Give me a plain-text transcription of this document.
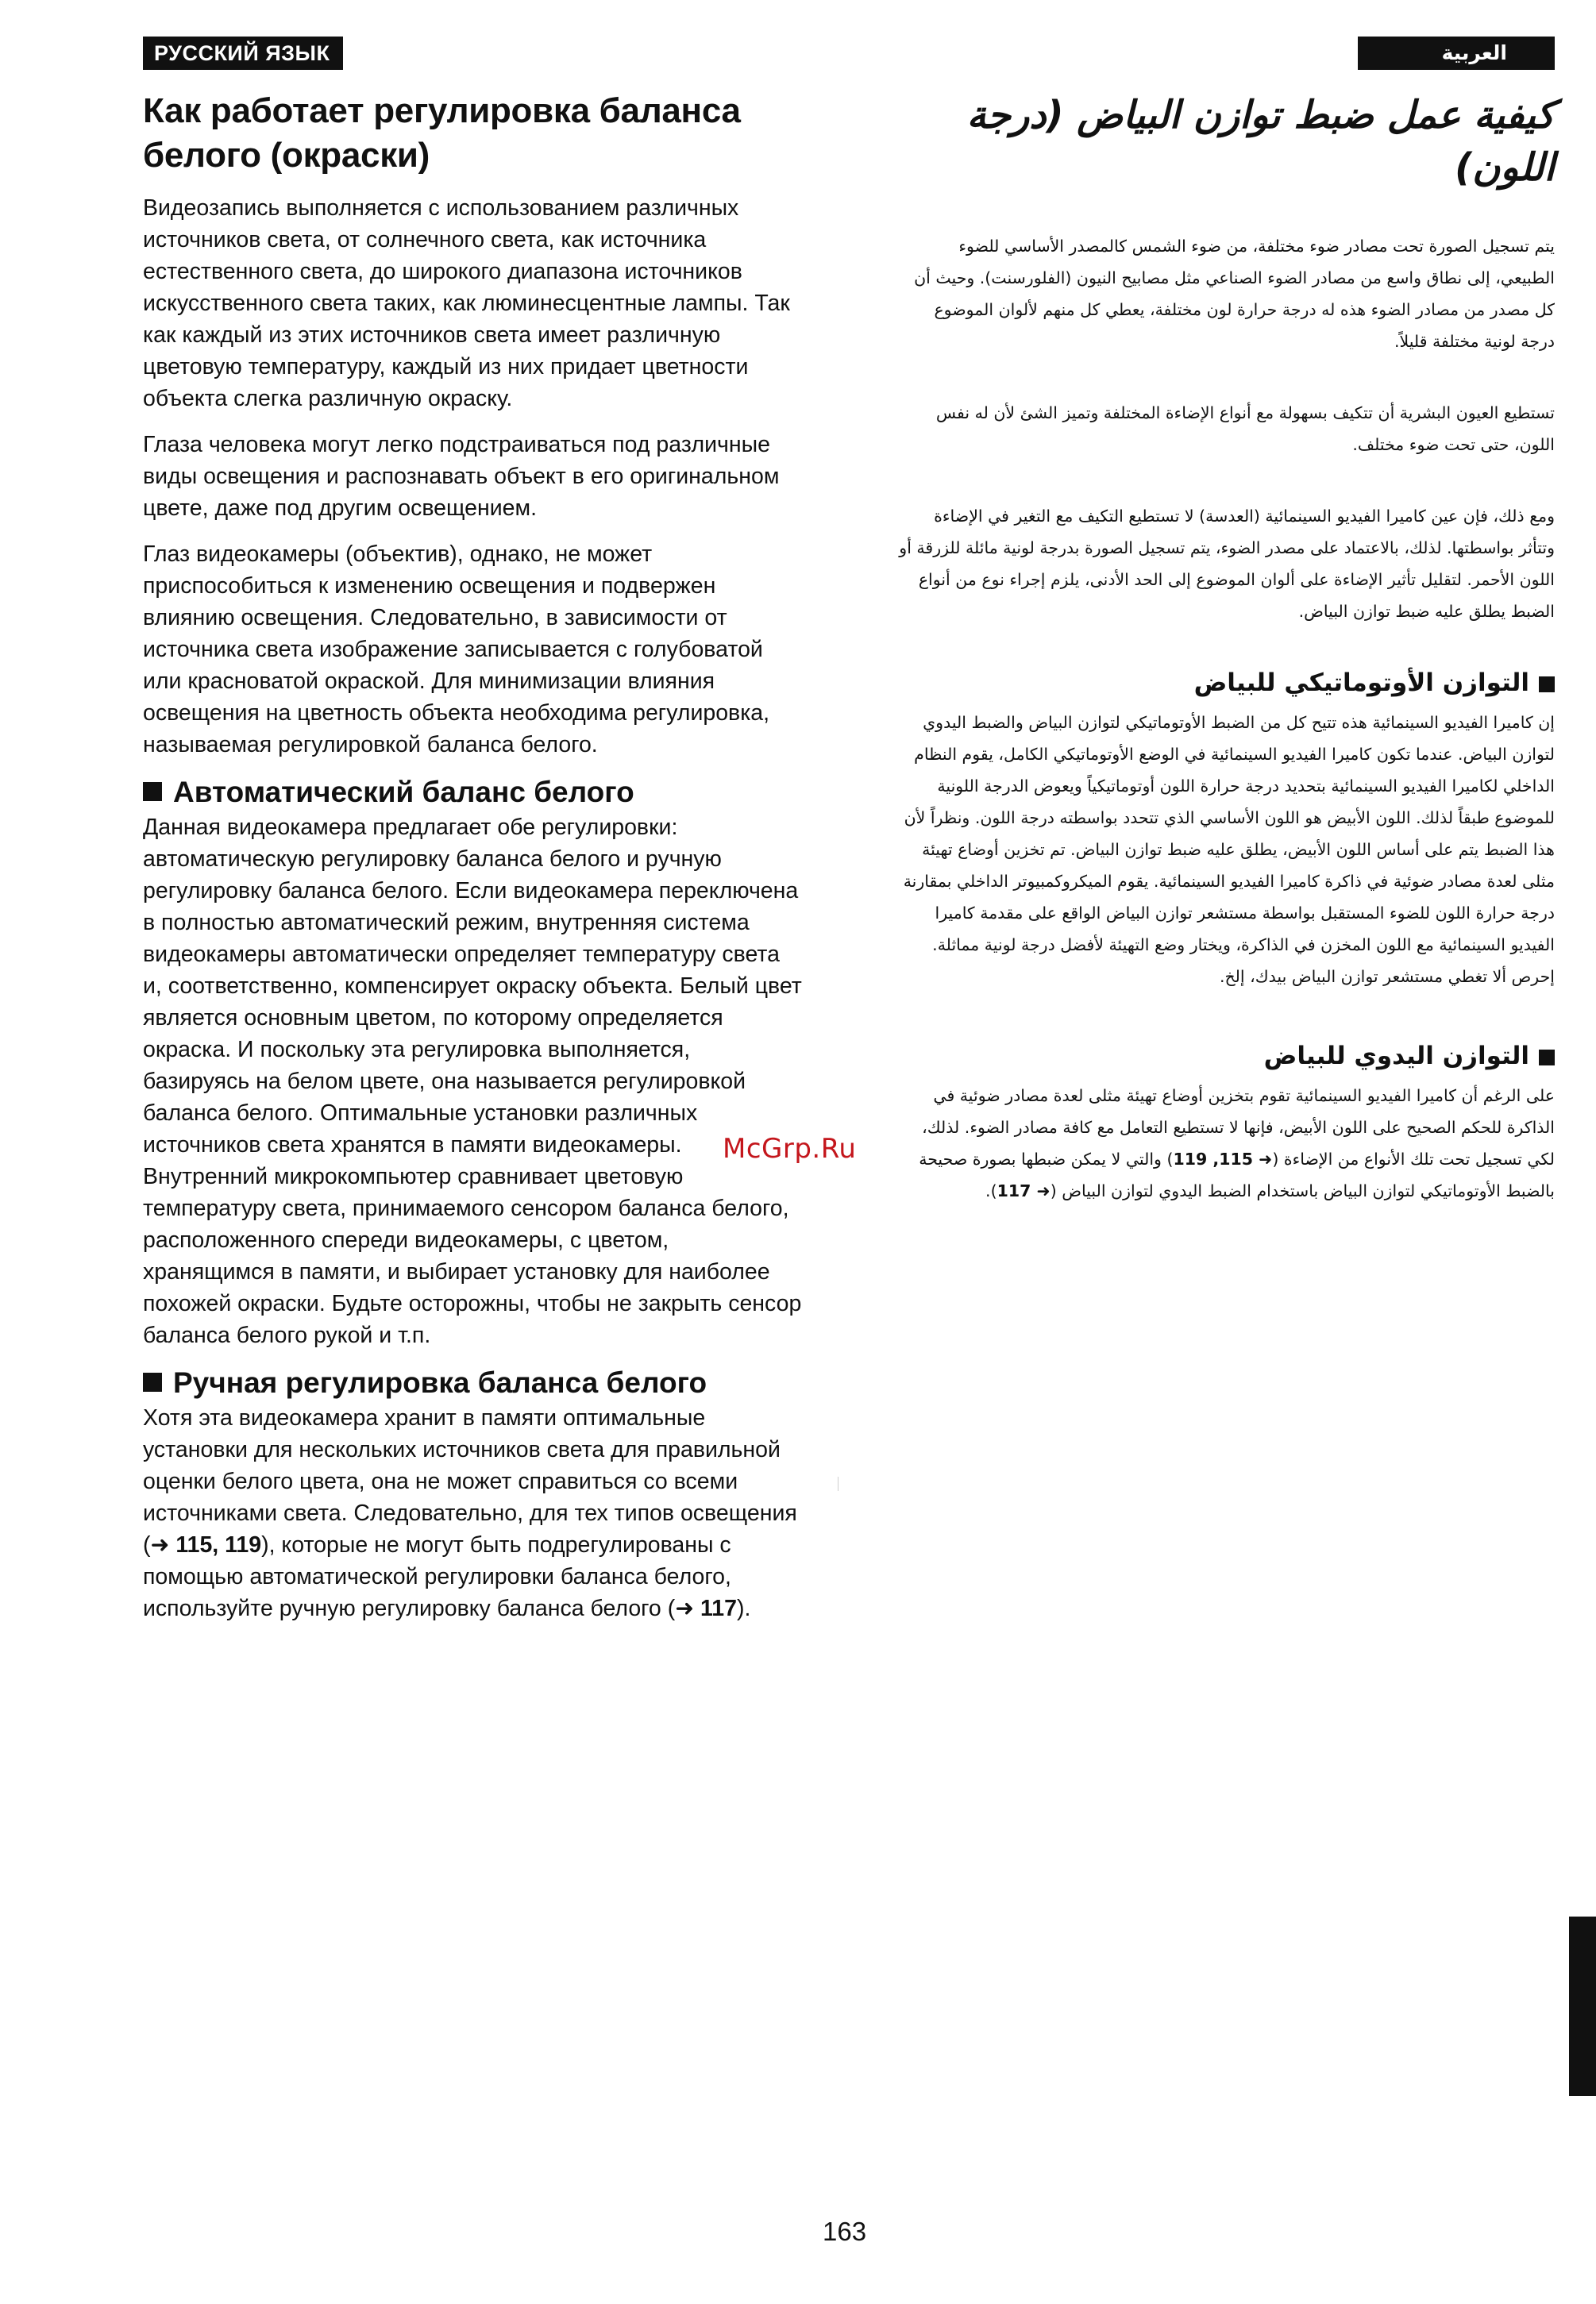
РУССКИЙ ЯЗЫК	العربية
Как работает регулировка баланса белого (окраски)

Видеозапись выполняется с использованием различных источников света, от солнечного света, как источника естественного света, до широкого диапазона источников искусственного света таких, как люминесцентные лампы. Так как каждый из этих источников света имеет различную цветовую температуру, каждый из них придает цветности объекта слегка различную окраску.

Глаза человека могут легко подстраиваться под различные виды освещения и распознавать объект в его оригинальном цвете, даже под другим освещением.

Глаз видеокамеры (объектив), однако, не может приспособиться к изменению освещения и подвержен влиянию освещения. Следовательно, в зависимости от источника света изображение записывается с голубоватой или красноватой окраской. Для минимизации влияния освещения на цветность объекта необходима регулировка, называемая регулировкой баланса белого.

Автоматический баланс белого

Данная видеокамера предлагает обе регулировки: автоматическую регулировку баланса белого и ручную регулировку баланса белого. Если видеокамера переключена в полностью автоматический режим, внутренняя система видеокамеры автоматически определяет температуру света и, соответственно, компенсирует окраску объекта. Белый цвет является основным цветом, по которому определяется окраска. И поскольку эта регулировка выполняется, базируясь на белом цвете, она называется регулировкой баланса белого. Оптимальные установки различных источников света хранятся в памяти видеокамеры. Внутренний микрокомпьютер сравнивает цветовую температуру света, принимаемого сенсором баланса белого, расположенного спереди видеокамеры, с цветом, хранящимся в памяти, и выбирает установку для наиболее похожей окраски. Будьте осторожны, чтобы не закрыть сенсор баланса белого рукой и т.п.

Ручная регулировка баланса белого

Хотя эта видеокамера хранит в памяти оптимальные установки для нескольких источников света для правильной оценки белого цвета, она не может справиться со всеми источниками света. Следовательно, для тех типов освещения (➜ 115, 119), которые не могут быть подрегулированы с помощью автоматической регулировки баланса белого, используйте ручную регулировку баланса белого (➜ 117).

كيفية عمل ضبط توازن البياض (درجة اللون)

يتم تسجيل الصورة تحت مصادر ضوء مختلفة، من ضوء الشمس كالمصدر الأساسي للضوء الطبيعي، إلى نطاق واسع من مصادر الضوء الصناعي مثل مصابيح النيون (الفلورسنت). وحيث أن كل مصدر من مصادر الضوء هذه له درجة حرارة لون مختلفة، يعطي كل منهم لألوان الموضوع درجة لونية مختلفة قليلاً.

تستطيع العيون البشرية أن تتكيف بسهولة مع أنواع الإضاءة المختلفة وتميز الشئ لأن له نفس اللون، حتى تحت ضوء مختلف.

ومع ذلك، فإن عين كاميرا الفيديو السينمائية (العدسة) لا تستطيع التكيف مع التغير في الإضاءة وتتأثر بواسطتها. لذلك، بالاعتماد على مصدر الضوء، يتم تسجيل الصورة بدرجة لونية مائلة للزرقة أو اللون الأحمر. لتقليل تأثير الإضاءة على ألوان الموضوع إلى الحد الأدنى، يلزم إجراء نوع من أنواع الضبط يطلق عليه ضبط توازن البياض.

التوازن الأوتوماتيكي للبياض

إن كاميرا الفيديو السينمائية هذه تتيح كل من الضبط الأوتوماتيكي لتوازن البياض والضبط اليدوي لتوازن البياض. عندما تكون كاميرا الفيديو السينمائية في الوضع الأوتوماتيكي الكامل، يقوم النظام الداخلي لكاميرا الفيديو السينمائية بتحديد درجة حرارة اللون أوتوماتيكياً ويعوض الدرجة اللونية للموضوع طبقاً لذلك. اللون الأبيض هو اللون الأساسي الذي تتحدد بواسطته درجة اللون. ونظراً لأن هذا الضبط يتم على أساس اللون الأبيض، يطلق عليه ضبط توازن البياض. تم تخزين أوضاع تهيئة مثلى لعدة مصادر ضوئية في ذاكرة كاميرا الفيديو السينمائية. يقوم الميكروكمبيوتر الداخلي بمقارنة درجة حرارة اللون للضوء المستقبل بواسطة مستشعر توازن البياض الواقع على مقدمة كاميرا الفيديو السينمائية مع اللون المخزن في الذاكرة، ويختار وضع التهيئة لأفضل درجة لونية مماثلة. إحرص ألا تغطي مستشعر توازن البياض بيدك، إلخ.

التوازن اليدوي للبياض

على الرغم أن كاميرا الفيديو السينمائية تقوم بتخزين أوضاع تهيئة مثلى لعدة مصادر ضوئية في الذاكرة للحكم الصحيح على اللون الأبيض، فإنها لا تستطيع التعامل مع كافة مصادر الضوء. لذلك، لكي تسجيل تحت تلك الأنواع من الإضاءة (➜ 115, 119) والتي لا يمكن ضبطها بصورة صحيحة بالضبط الأوتوماتيكي لتوازن البياض باستخدام الضبط اليدوي لتوازن البياض (➜ 117).

McGrp.Ru
163
